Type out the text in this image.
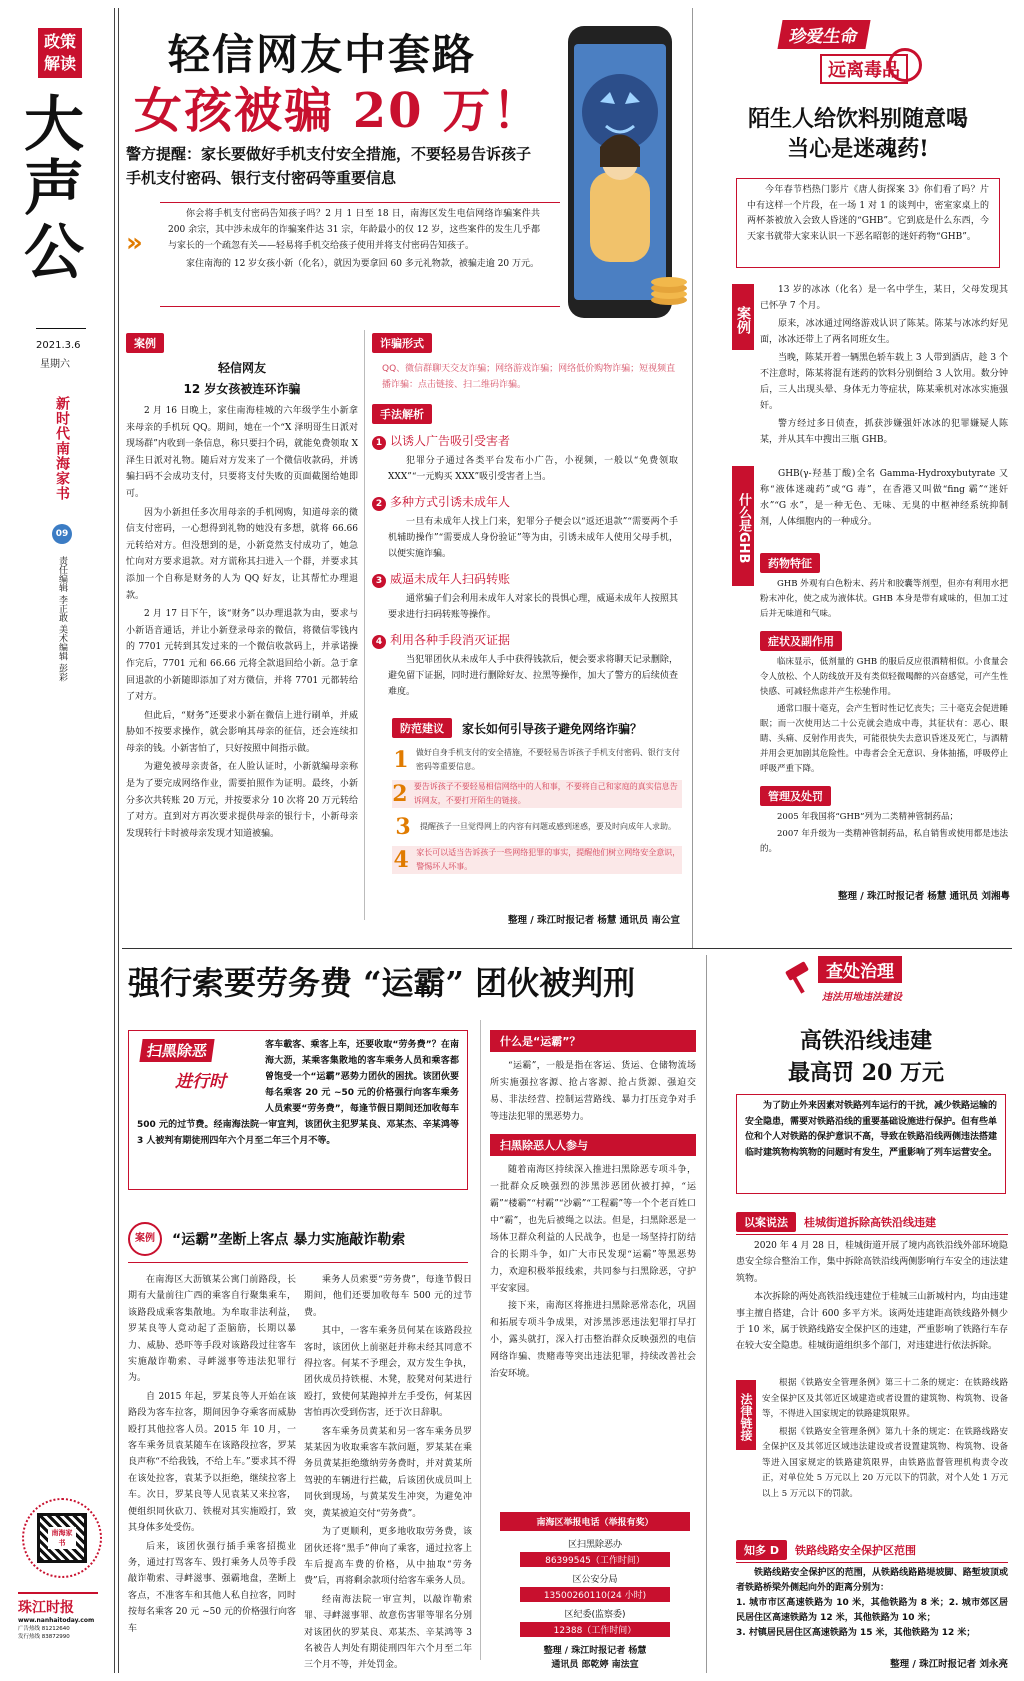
政策
解读
大声公
2021.3.6
星期六
新时代南海家书
09
责任编辑 李正敢 美术编辑 彭彩
南海家书
珠江时报
www.nanhaitoday.com
广告热线 81212640
发行热线 83872990
轻信网友中套路
女孩被骗 20 万！
警方提醒：家长要做好手机支付安全措施，不要轻易告诉孩子手机支付密码、银行支付密码等重要信息
»

你会将手机支付密码告知孩子吗？2 月 1 日至 18 日，南海区发生电信网络诈骗案件共 200 余宗，其中涉未成年的诈骗案件达 31 宗，年龄最小的仅 12 岁，这些案件的发生几乎都与家长的一个疏忽有关——轻易将手机交给孩子使用并将支付密码告知孩子。

家住南海的 12 岁女孩小新（化名），就因为要拿回 60 多元礼物款，被骗走逾 20 万元。

案例
轻信网友
12 岁女孩被连环诈骗

2 月 16 日晚上，家住南海桂城的六年级学生小新拿来母亲的手机玩 QQ。期间，她在一个“X 泽明哥生日派对现场群”内收到一条信息，称只要扫个码，就能免费领取 X 泽生日派对礼物。随后对方发来了一个微信收款码，并诱骗扫码不会成功支付，只要将支付失败的页面截图给她即可。

因为小新担任多次用母亲的手机网购，知道母亲的微信支付密码，一心想得到礼物的她没有多想，就将 66.66 元转给对方。但没想到的是，小新竟然支付成功了，她急忙向对方要求退款。对方谎称其扫进入一个群，并要求其添加一个自称是财务的人为 QQ 好友，让其帮忙办理退款。

2 月 17 日下午，该“财务”以办理退款为由，要求与小新语音通话，并让小新登录母亲的微信，将微信零钱内的 7701 元转到其发过来的一个微信收款码上，并承诺操作完后，7701 元和 66.66 元将全款退回给小新。急于拿回退款的小新随即添加了对方微信，并将 7701 元都转给了对方。

但此后，“财务”还要求小新在微信上进行刷单，并威胁如不按要求操作，就会影响其母亲的征信，还会连续扣母亲的钱。小新害怕了，只好按照中间指示做。

为避免被母亲责备，在人脸认证时，小新就编母亲称是为了要完成网络作业，需要拍照作为证明。最终，小新分多次共转账 20 万元，并按要求分 10 次将 20 万元转给了对方。直到对方再次要求提供母亲的银行卡，小新母亲发现转行卡时被母亲发现才知道被骗。

诈骗形式
QQ、微信群聊天交友诈骗；网络游戏诈骗；网络低价购物诈骗；短视频直播诈骗：点击链接、扫二维码诈骗。
手法解析
1 以诱人广告吸引受害者
犯罪分子通过各类平台发布小广告，小视频，一般以“免费领取 XXX”“一元购买 XXX”吸引受害者上当。
2 多种方式引诱未成年人
一旦有未成年人找上门来，犯罪分子便会以“返还退款”“需要两个手机辅助操作”“需要成人身份验证”等为由，引诱未成年人使用父母手机，以便实施诈骗。
3 威逼未成年人扫码转账
通常骗子们会利用未成年人对家长的畏惧心理，威逼未成年人按照其要求进行扫码转账等操作。
4 利用各种手段消灭证据
当犯罪团伙从未成年人手中获得钱款后，便会要求将聊天记录删除，避免留下证据，同时进行删除好友、拉黑等操作，加大了警方的后续侦查难度。
防范建议	家长如何引导孩子避免网络诈骗？
1 做好自身手机支付的安全措施，不要轻易告诉孩子手机支付密码、银行支付密码等重要信息。
2 要告诉孩子不要轻易相信网络中的人和事，不要将自己和家庭的真实信息告诉网友，不要打开陌生的链接。
3	提醒孩子一旦觉得网上的内容有问题或感到迷惑，要及时向成年人求助。
4 家长可以适当告诉孩子一些网络犯罪的事实，提醒他们树立网络安全意识，警惕坏人坏事。
整理 / 珠江时报记者 杨慧 通讯员 南公宣
珍爱生命
远离毒品
陌生人给饮料别随意喝
当心是迷魂药!
今年春节档热门影片《唐人街探案 3》你们看了吗？片中有这样一个片段，在一场 1 对 1 的谈判中，密室家桌上的两杯茶被放入会致人昏迷的“GHB”。它到底是什么东西，今天家书就带大家来认识一下恶名昭彰的迷奸药物“GHB”。
案例

13 岁的冰冰（化名）是一名中学生，某日，父母发现其已怀孕 7 个月。

原来，冰冰通过网络游戏认识了陈某。陈某与冰冰约好见面，冰冰还带上了两名同班女生。

当晚，陈某开着一辆黑色轿车载上 3 人带到酒店，趁 3 个不注意时，陈某将混有迷药的饮料分别倒给 3 人饮用。数分钟后，三人出现头晕、身体无力等症状，陈某乘机对冰冰实施强奸。

警方经过多日侦查，抓获涉嫌强奸冰冰的犯罪嫌疑人陈某，并从其车中搜出三瓶 GHB。

什么是GHB
GHB(γ-羟基丁酸)全名 Gamma-Hydroxybutyrate 又称“液体迷魂药”或“G 毒”，在香港又叫做“fing 霸”“迷奸水”“G 水”，是一种无色、无味、无臭的中枢神经系统抑制剂，人体细胞内的一种成分。
药物特征
GHB 外观有白色粉末、药片和胶囊等剂型，但亦有利用水把粉末冲化，使之成为液体状。GHB 本身是带有咸味的，但加工过后并无味道和气味。
症状及副作用

临床显示，低剂量的 GHB 的服后反应很酒精相似。小食量会令人放松、个人防线放开及有类似轻微喝醉的兴奋感觉，可产生性快感、可减轻焦虑并产生松驰作用。

通常口服十毫克，会产生暂时性记忆丧失；三十毫克会促进睡眠；而一次使用达二十公克就会造成中毒，其征状有：恶心、眼睛、头痛、反射作用丧失，可能很快失去意识昏迷及死亡，与酒精并用会更加剧其危险性。中毒者会全无意识、身体抽搐，呼吸停止呼吸严重下降。

管理及处罚

2005 年我国将“GHB”列为二类精神管制药品；

2007 年升级为一类精神管制药品，私自销售或使用都是违法的。

整理 / 珠江时报记者 杨慧 通讯员 刘湘粤
强行索要劳务费 “运霸” 团伙被判刑
扫黑除恶
进行时
客车載客、乘客上车，还要收取“劳务费”？在南海大沥，某乘客集散地的客车乘务人员和乘客都曾饱受一个“运霸”恶势力团伙的困扰。该团伙要每名乘客 20 元 ~50 元的价格强行向客车乘务人员索要“劳务费”，每逢节假日期间还加收每车 500 元的过节费。经南海法院一审宣判，该团伙主犯罗某良、邓某杰、辛某鸿等 3 人被判有期徒刑四年六个月至二年三个月不等。
案例	“运霸”垄断上客点 暴力实施敲诈勒索

在南海区大沥镇某公寓门前路段，长期有大量前往广西的乘客自行聚集乘车，该路段成乘客集散地。为牟取非法利益，罗某良等人竟动起了歪脑筋，长期以暴力、威胁、恐吓等手段对该路段过往客车实施敲诈勒索、寻衅滋事等违法犯罪行为。

自 2015 年起，罗某良等人开始在该路段为客车拉客，期间因争夺乘客而威胁殴打其他拉客人员。2015 年 10 月，一客车乘务员袁某随车在该路段拉客，罗某良声称“不给我钱，不给上车。”要求其不得在该处拉客，袁某予以拒绝，继续拉客上车。次日，罗某良等人见袁某又来拉客，便组织同伙砍刀、铁棍对其实施殴打，致其身体多处受伤。

后来，该团伙强行插手乘客招揽业务，通过打骂客车、毁打乘务人员等手段敲诈勒索、寻衅滋事、强霸地盘，垄断上客点，不准客车和其他人私自拉客，同时按每名乘客 20 元 ~50 元的价格强行向客车

乘务人员索要“劳务费”，每逢节假日期间，他们还要加收每车 500 元的过节费。

其中，一客车乘务员何某在该路段拉客时，该团伙上前驱赶并称未经其同意不得拉客。何某不予理会，双方发生争执，团伙成员持铁棍、木凳，胶凳对何某进行殴打，致使何某跑掉并左手受伤，何某因害怕再次受到伤害，还于次日辞职。

客车乘务员黄某和另一客车乘务员罗某某因为收取乘客车款问题，罗某某在乘务员黄某拒绝缴纳劳务费时，并对黄某所驾驶的车辆进行拦截，后该团伙成员叫上同伙到现场，与黄某发生冲突，为避免冲突，黄某被迫交付“劳务费”。

为了更顺利，更多地收取劳务费，该团伙还将“黑手”伸向了乘客，通过拉客上车后提高车费的价格，从中抽取“劳务费”后，再将剩余款项付给客车乘务人员。

经南海法院一审宣判，以敲诈勒索罪、寻衅滋事罪、故意伤害罪等罪名分别对该团伙的罗某良、邓某杰、辛某鸿等 3 名被告人判处有期徒刑四年六个月至二年三个月不等，并处罚金。

什么是“运霸”？
“运霸”，一般是指在客运、货运、仓储物流场所实施强拉客源、抢占客源、抢占货源、强迫交易、非法经营、控制运营路线、暴力打压竞争对手等违法犯罪的黑恶势力。
扫黑除恶人人参与
随着南海区持续深入推进扫黑除恶专项斗争，一批群众反映强烈的涉黑涉恶团伙被打掉，“运霸”“楼霸”“村霸”“沙霸”“工程霸”等一个个老百姓口中“霸”，也先后被绳之以法。但是，扫黑除恶是一场体卫群众利益的人民战争，也是一场坚持打防结合的长期斗争，如广大市民发现“运霸”等黑恶势力，欢迎积极举报线索，共同参与扫黑除恶，守护平安家园。
接下来，南海区将推进扫黑除恶常态化，巩固和拓展专项斗争成果，对涉黑涉恶违法犯罪打早打小，露头就打，深入打击整治群众反映强烈的电信网络诈骗、贵赌毒等突出违法犯罪，持续改善社会治安环境。
南海区举报电话（举报有奖）
区扫黑除恶办
86399545（工作时间）
区公安分局
13500260110(24 小时)
区纪委(监察委)
12388（工作时间）
整理 / 珠江时报记者 杨慧
通讯员 郎乾婷 南法宣
查处治理
违法用地违法建设
高铁沿线违建
最高罚 20 万元
为了防止外来因素对铁路列车运行的干扰，减少铁路运输的安全隐患，需要对铁路沿线的重要基础设施进行保护。但有些单位和个人对铁路的保护意识不高，导致在铁路沿线两侧违法搭建临时建筑物构筑物的问题时有发生，严重影响了列车运营安全。
以案说法	桂城街道拆除高铁沿线违建

2020 年 4 月 28 日，桂城街道开展了境内高铁沿线外部环境隐患安全综合整治工作，集中拆除高铁沿线两侧影响行车安全的违法建筑物。

本次拆除的两处高铁沿线违建位于桂城三山新城村内，均由违建事主擅自搭建，合计 600 多平方米。该两处违建距高铁线路外侧少于 10 米，属于铁路线路安全保护区的违建，严重影响了铁路行车存在较大安全隐患。桂城街道组织多个部门，对违建进行依法拆除。

法律链接

根据《铁路安全管理条例》第三十二条的规定：在铁路线路安全保护区及其邻近区域建造或者设置的建筑物、构筑物、设备等，不得进入国家规定的铁路建筑限界。

根据《铁路安全管理条例》第九十条的规定：在铁路线路安全保护区及其邻近区域违法建设或者设置建筑物、构筑物、设备等进入国家规定的铁路建筑限界，由铁路监督管理机构责令改正，对单位处 5 万元以上 20 万元以下的罚款，对个人处 1 万元以上 5 万元以下的罚款。

知多 D	铁路线路安全保护区范围
铁路线路安全保护区的范围，从铁路线路路堤坡脚、路堑坡顶或者铁路桥梁外侧起向外的距离分别为：
1. 城市市区高速铁路为 10 米，其他铁路为 8 米；2. 城市郊区居民居住区高速铁路为 12 米，其他铁路为 10 米；
3. 村镇居民居住区高速铁路为 15 米，其他铁路为 12 米；
整理 / 珠江时报记者 刘永亮
